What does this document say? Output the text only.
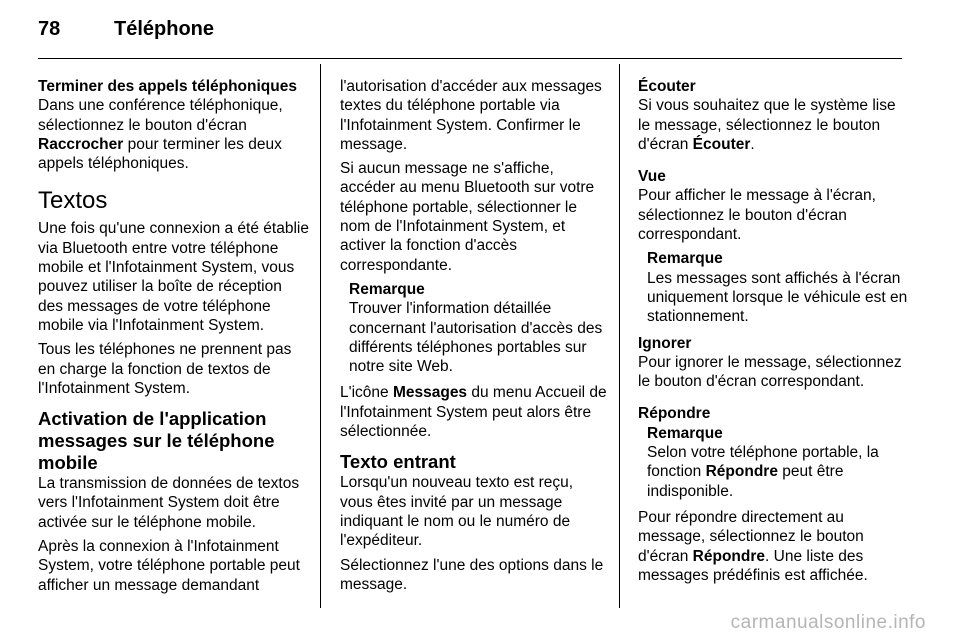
78	Téléphone

Terminer des appels téléphoniques

Dans une conférence téléphonique, sélectionnez le bouton d'écran Raccrocher pour terminer les deux appels téléphoniques.

Textos

Une fois qu'une connexion a été établie via Bluetooth entre votre téléphone mobile et l'Infotainment System, vous pouvez utiliser la boîte de réception des messages de votre téléphone mobile via l'Infotainment System.

Tous les téléphones ne prennent pas en charge la fonction de textos de l'Infotainment System.

Activation de l'application messages sur le téléphone mobile

La transmission de données de textos vers l'Infotainment System doit être activée sur le téléphone mobile.

Après la connexion à l'Infotainment System, votre téléphone portable peut afficher un message demandant

l'autorisation d'accéder aux messages textes du téléphone portable via l'Infotainment System. Confirmer le message.

Si aucun message ne s'affiche, accéder au menu Bluetooth sur votre téléphone portable, sélectionner le nom de l'Infotainment System, et activer la fonction d'accès correspondante.

Remarque
Trouver l'information détaillée concernant l'autorisation d'accès des différents téléphones portables sur notre site Web.

L'icône Messages du menu Accueil de l'Infotainment System peut alors être sélectionnée.

Texto entrant

Lorsqu'un nouveau texto est reçu, vous êtes invité par un message indiquant le nom ou le numéro de l'expéditeur.

Sélectionnez l'une des options dans le message.

Écouter

Si vous souhaitez que le système lise le message, sélectionnez le bouton d'écran Écouter.

Vue

Pour afficher le message à l'écran, sélectionnez le bouton d'écran correspondant.

Remarque
Les messages sont affichés à l'écran uniquement lorsque le véhicule est en stationnement.

Ignorer

Pour ignorer le message, sélectionnez le bouton d'écran correspondant.

Répondre

Remarque
Selon votre téléphone portable, la fonction Répondre peut être indisponible.

Pour répondre directement au message, sélectionnez le bouton d'écran Répondre. Une liste des messages prédéfinis est affichée.

carmanualsonline.info
